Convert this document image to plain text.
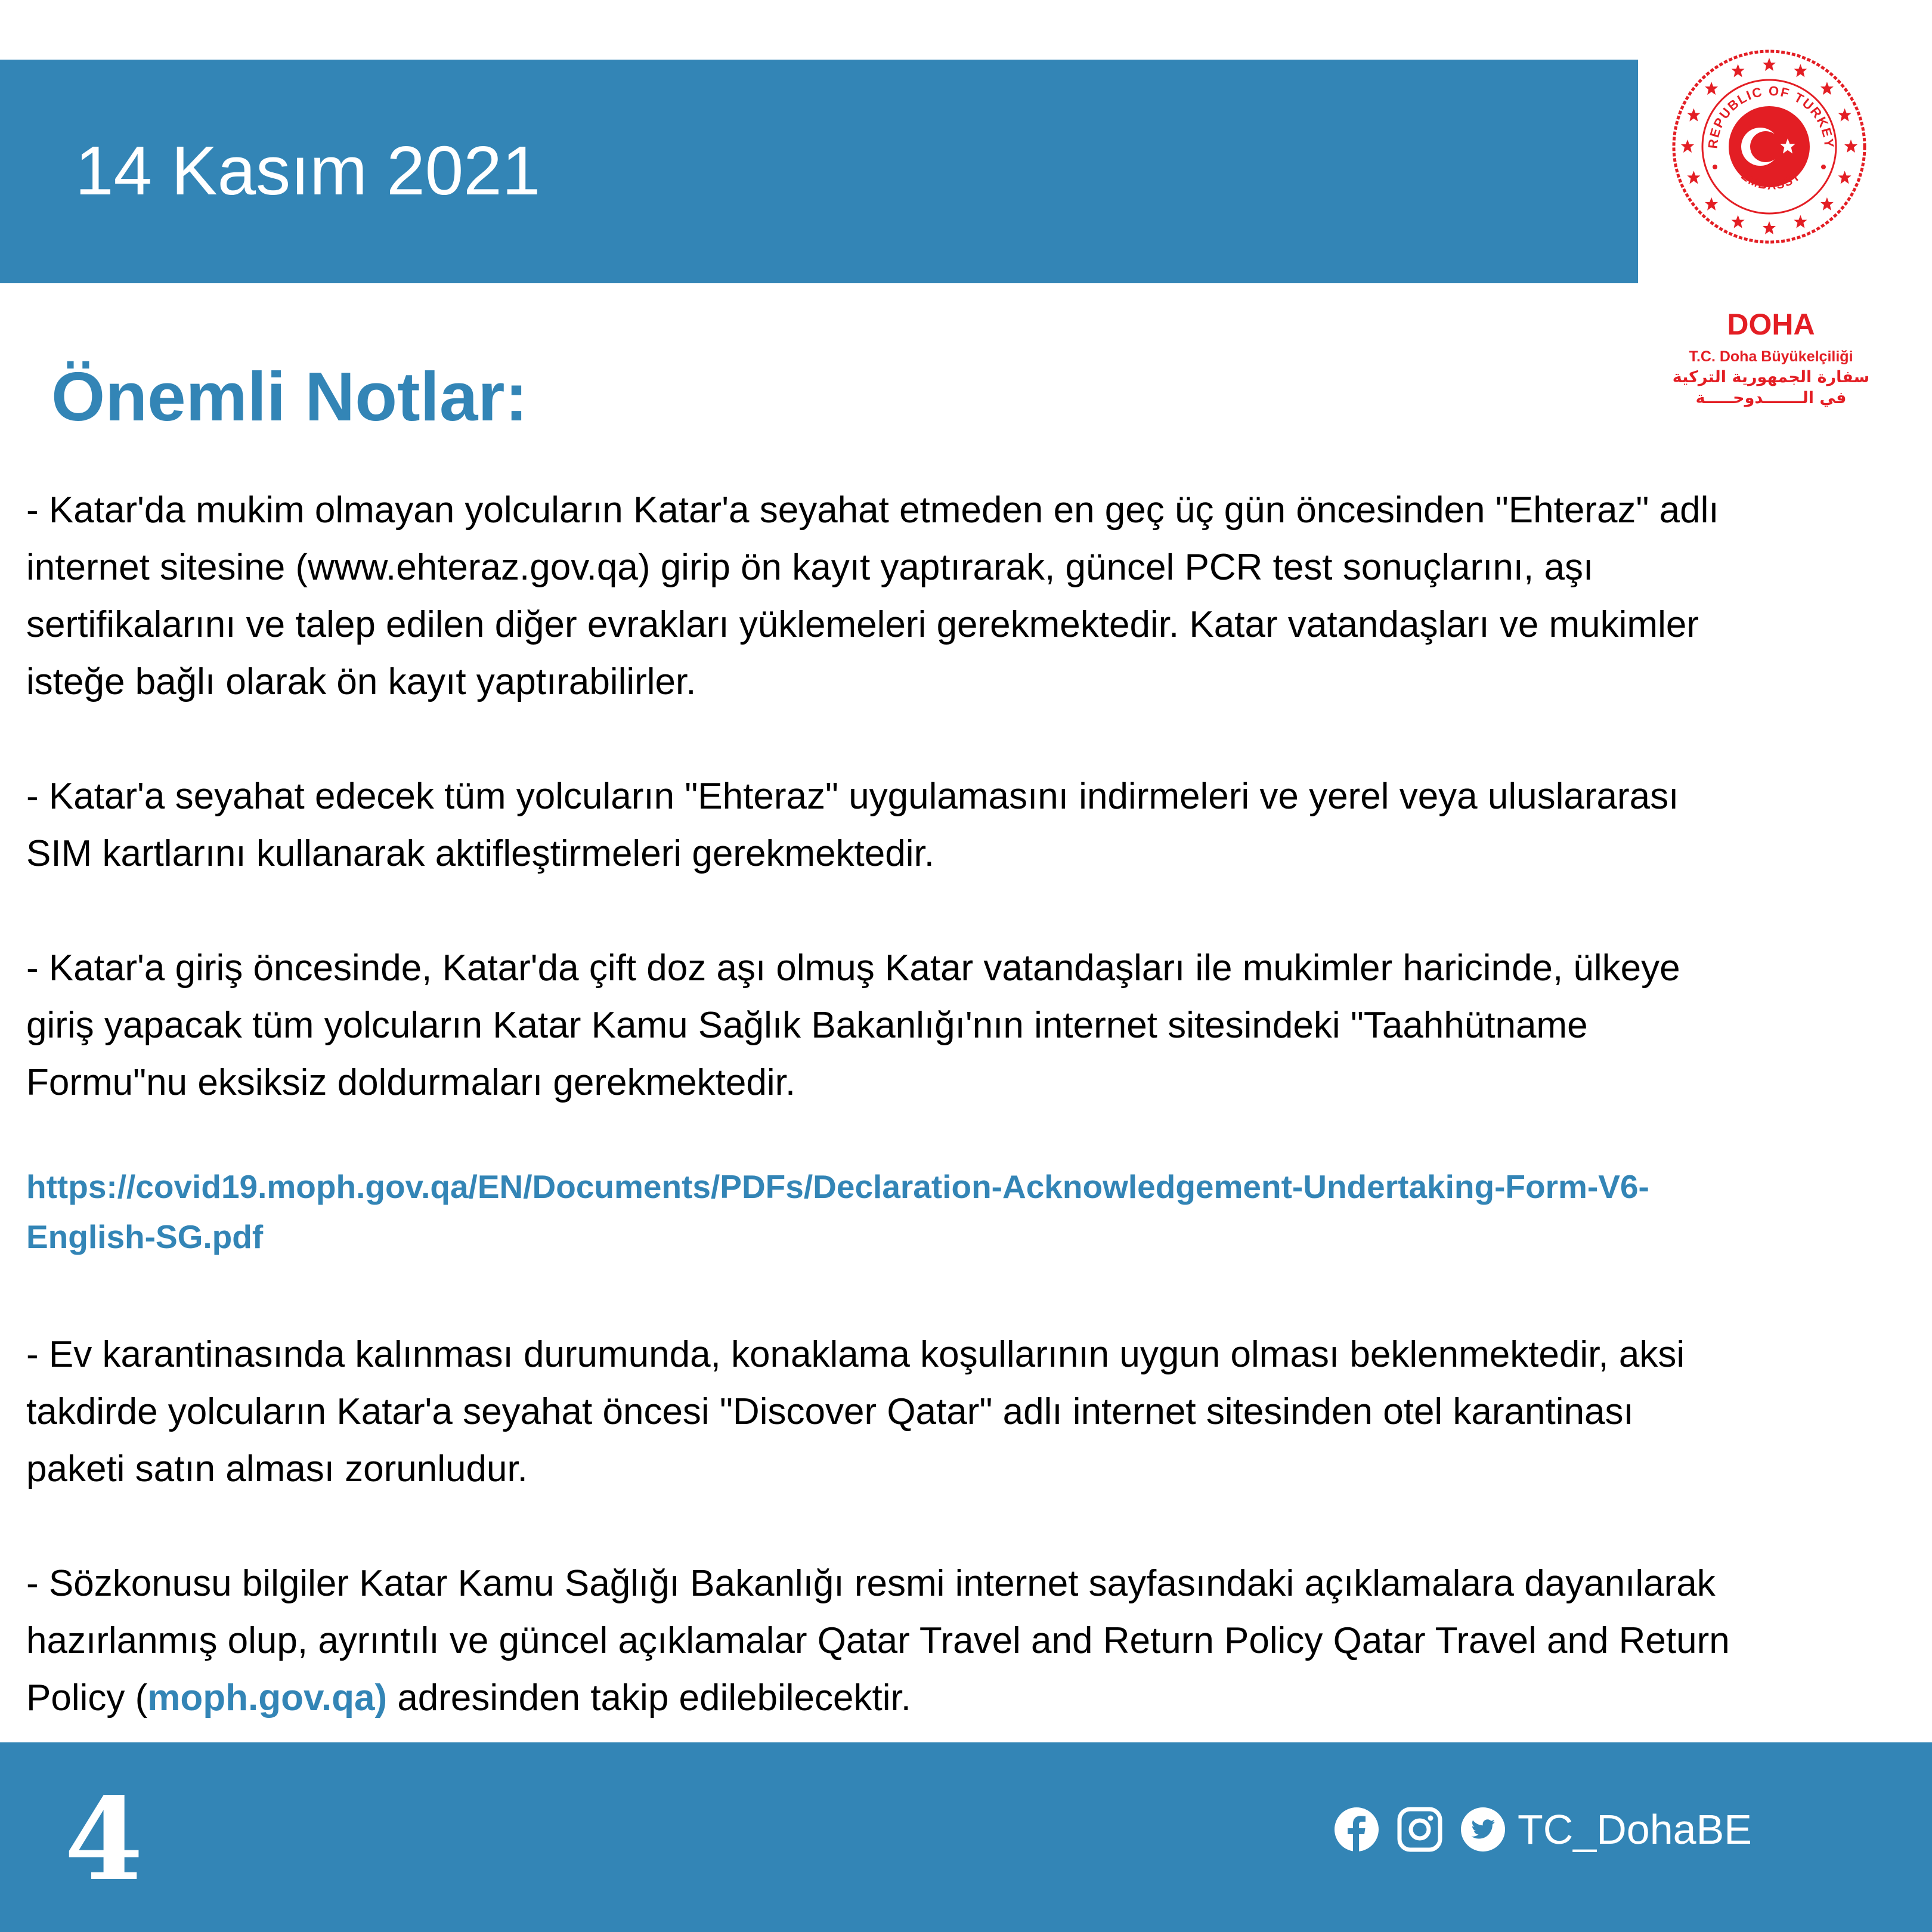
14 Kasım 2021	REPUBLIC OF TURKEY
EMBASSY
DOHA
T.C. Doha Büyükelçiliği
سفارة الجمهورية التركية
في الـــــــدوحـــــة
Önemli Notlar:
- Katar'da mukim olmayan yolcuların Katar'a seyahat etmeden en geç üç gün öncesinden "Ehteraz" adlı
internet sitesine (www.ehteraz.gov.qa) girip ön kayıt yaptırarak, güncel PCR test sonuçlarını, aşı
sertifikalarını ve talep edilen diğer evrakları yüklemeleri gerekmektedir. Katar vatandaşları ve mukimler
isteğe bağlı olarak ön kayıt yaptırabilirler.
- Katar'a seyahat edecek tüm yolcuların "Ehteraz" uygulamasını indirmeleri ve yerel veya uluslararası
SIM kartlarını kullanarak aktifleştirmeleri gerekmektedir.
- Katar'a giriş öncesinde, Katar'da çift doz aşı olmuş Katar vatandaşları ile mukimler haricinde, ülkeye
giriş yapacak tüm yolcuların Katar Kamu Sağlık Bakanlığı'nın internet sitesindeki "Taahhütname
Formu"nu eksiksiz doldurmaları gerekmektedir.
https://covid19.moph.gov.qa/EN/Documents/PDFs/Declaration-Acknowledgement-Undertaking-Form-V6-
English-SG.pdf
- Ev karantinasında kalınması durumunda, konaklama koşullarının uygun olması beklenmektedir, aksi
takdirde yolcuların Katar'a seyahat öncesi "Discover Qatar" adlı internet sitesinden otel karantinası
paketi satın alması zorunludur.
- Sözkonusu bilgiler Katar Kamu Sağlığı Bakanlığı resmi internet sayfasındaki açıklamalara dayanılarak
hazırlanmış olup, ayrıntılı ve güncel açıklamalar Qatar Travel and Return Policy Qatar Travel and Return
Policy (moph.gov.qa) adresinden takip edilebilecektir.
4	TC_DohaBE
